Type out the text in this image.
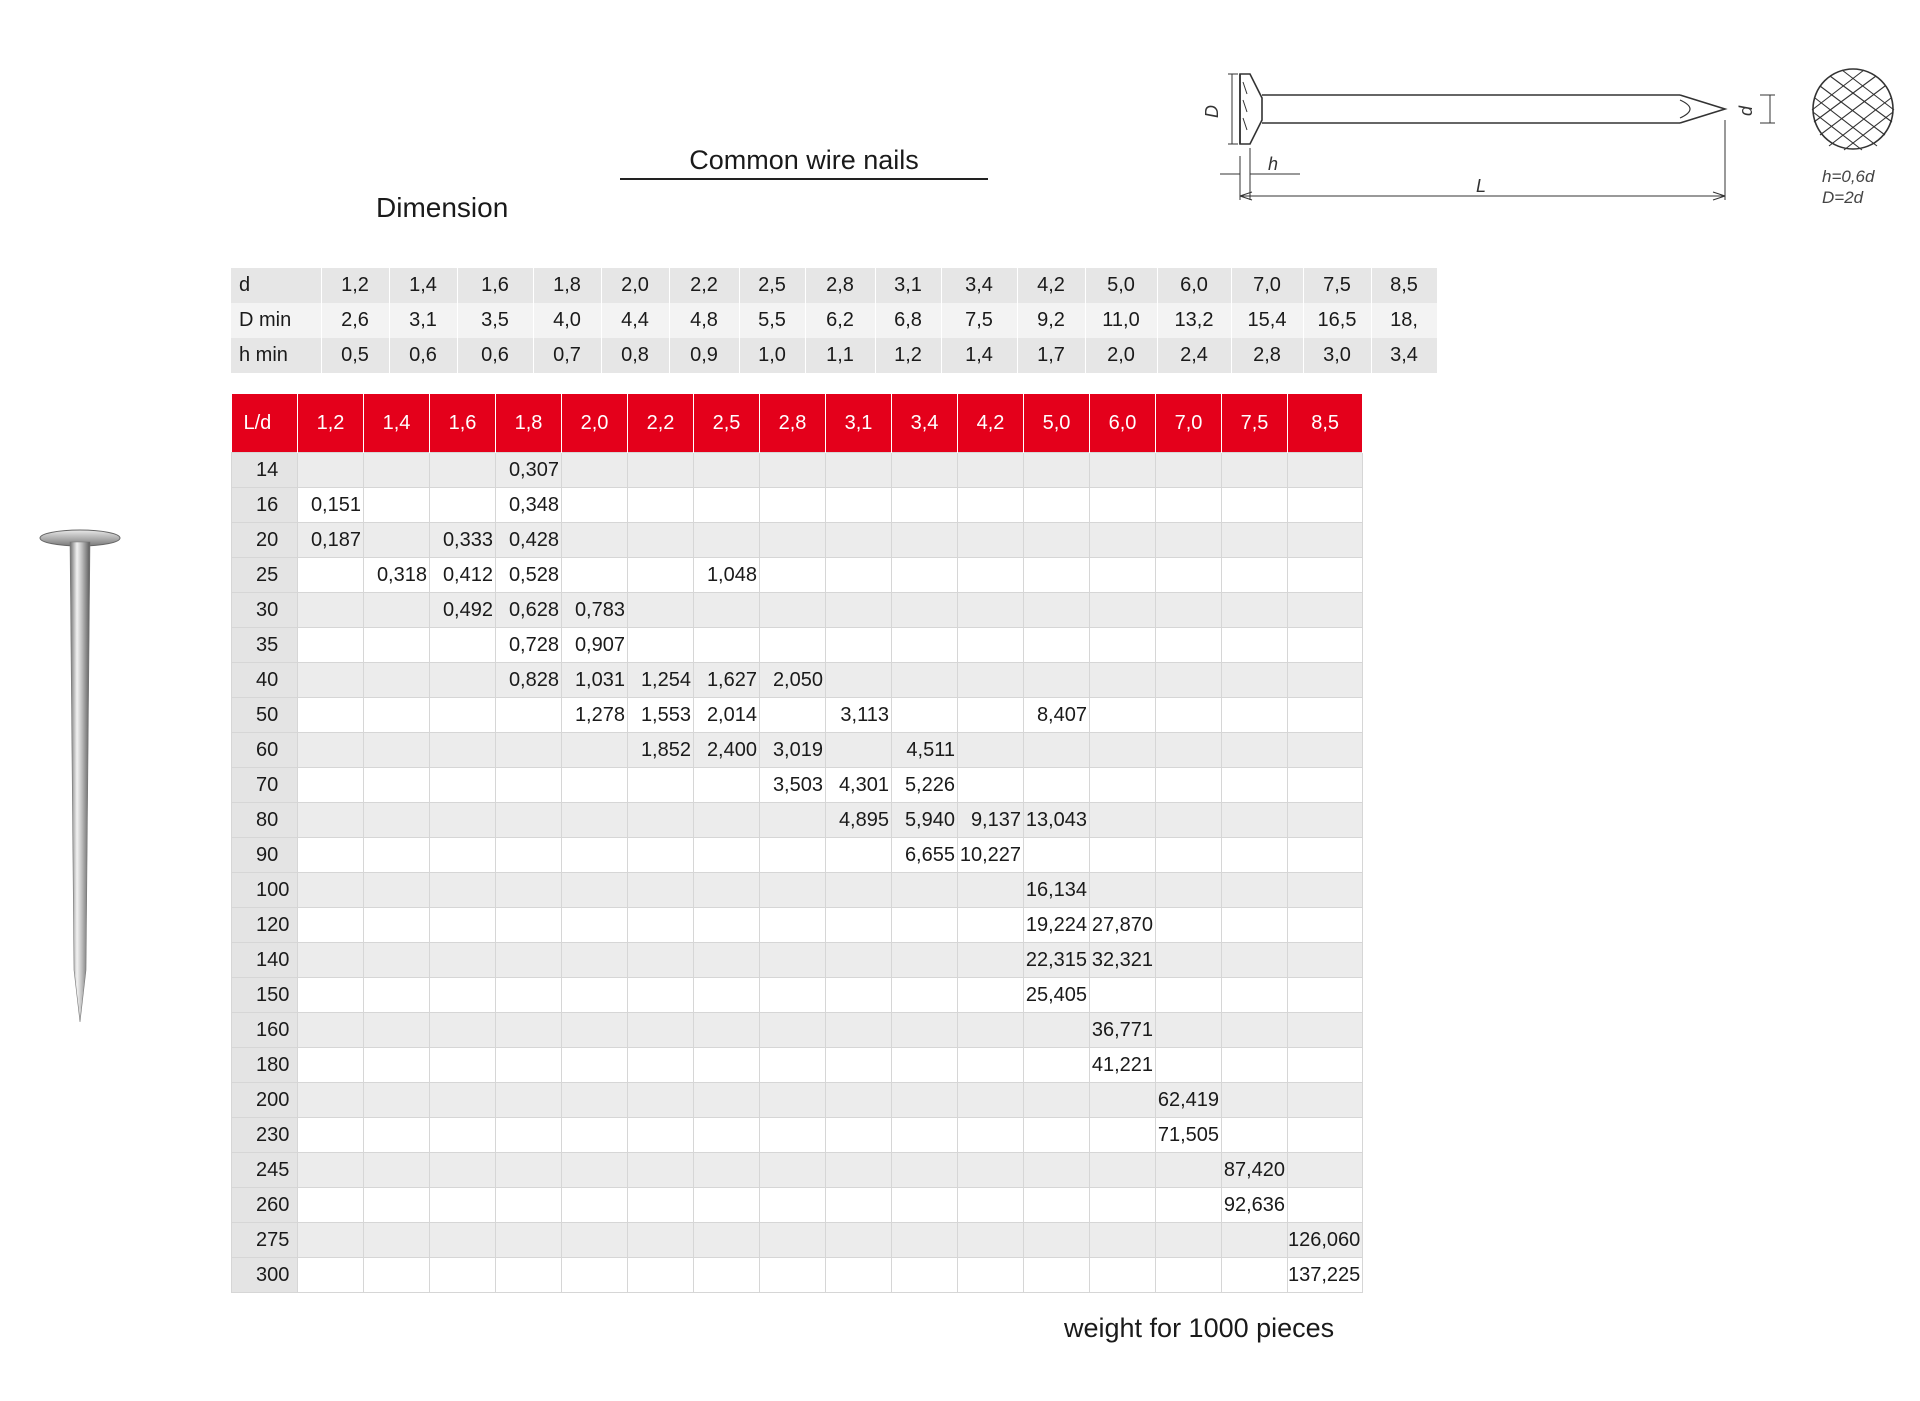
D	d
h
L	h=0,6d
D=2d
Common wire nails
Dimension
d	1,2	1,4	1,6	1,8	2,0	2,2	2,5	2,8	3,1	3,4	4,2	5,0	6,0	7,0	7,5	8,5
D min	2,6	3,1	3,5	4,0	4,4	4,8	5,5	6,2	6,8	7,5	9,2	11,0	13,2	15,4	16,5	18,
h min	0,5	0,6	0,6	0,7	0,8	0,9	1,0	1,1	1,2	1,4	1,7	2,0	2,4	2,8	3,0	3,4
L/d	1,2	1,4	1,6	1,8	2,0	2,2	2,5	2,8	3,1	3,4	4,2	5,0	6,0	7,0	7,5	8,5
14				0,307												
16	0,151			0,348												
20	0,187		0,333	0,428												
25		0,318	0,412	0,528			1,048									
30			0,492	0,628	0,783											
35				0,728	0,907											
40				0,828	1,031	1,254	1,627	2,050								
50					1,278	1,553	2,014		3,113			8,407				
60						1,852	2,400	3,019		4,511						
70								3,503	4,301	5,226						
80									4,895	5,940	9,137	13,043				
90										6,655	10,227					
100												16,134				
120												19,224	27,870			
140												22,315	32,321			
150												25,405				
160													36,771			
180													41,221			
200														62,419		
230														71,505		
245															87,420	
260															92,636	
275																126,060
300																137,225
weight for 1000 pieces
